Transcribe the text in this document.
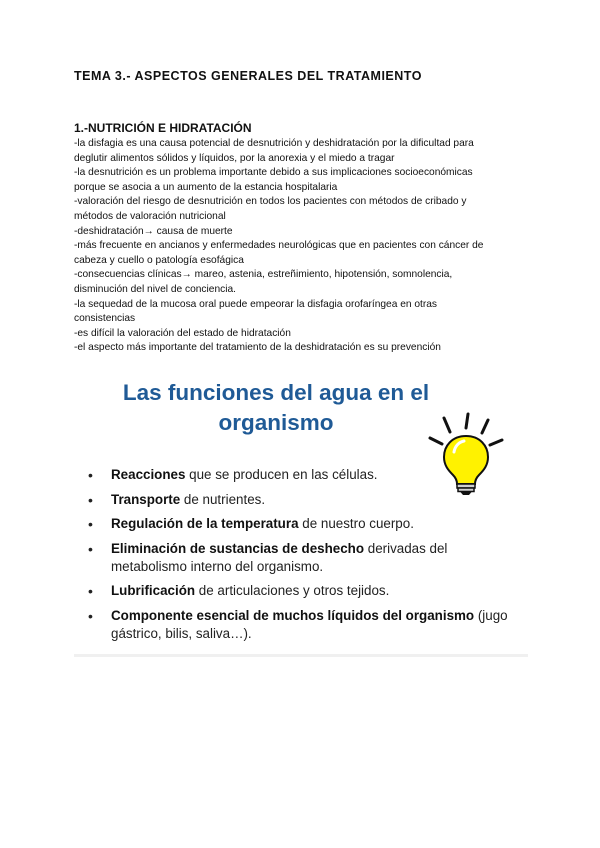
TEMA 3.- ASPECTOS GENERALES DEL TRATAMIENTO
1.-NUTRICIÓN E HIDRATACIÓN
-la disfagia es una causa potencial de desnutrición y deshidratación por la dificultad para
deglutir alimentos sólidos y líquidos, por la anorexia y el miedo a tragar
-la desnutrición es un problema importante debido a sus implicaciones socioeconómicas
porque se asocia a un aumento de la estancia hospitalaria
-valoración del riesgo de desnutrición en todos los pacientes con métodos de cribado y
métodos de valoración nutricional
-deshidratación→ causa de muerte
-más frecuente en ancianos y enfermedades neurológicas que en pacientes con cáncer de
cabeza y cuello o patología esofágica
-consecuencias clínicas→ mareo, astenia, estreñimiento, hipotensión, somnolencia,
disminución del nivel de conciencia.
-la sequedad de la mucosa oral puede empeorar la disfagia orofaríngea en otras
consistencias
-es difícil la valoración del estado de hidratación
-el aspecto más importante del tratamiento de la deshidratación es su prevención
Las funciones del agua en el
organismo
• Reacciones que se producen en las células.
• Transporte de nutrientes.
• Regulación de la temperatura de nuestro cuerpo.
• Eliminación de sustancias de deshecho derivadas del metabolismo interno del organismo.
• Lubrificación de articulaciones y otros tejidos.
• Componente esencial de muchos líquidos del organismo (jugo gástrico, bilis, saliva…).
